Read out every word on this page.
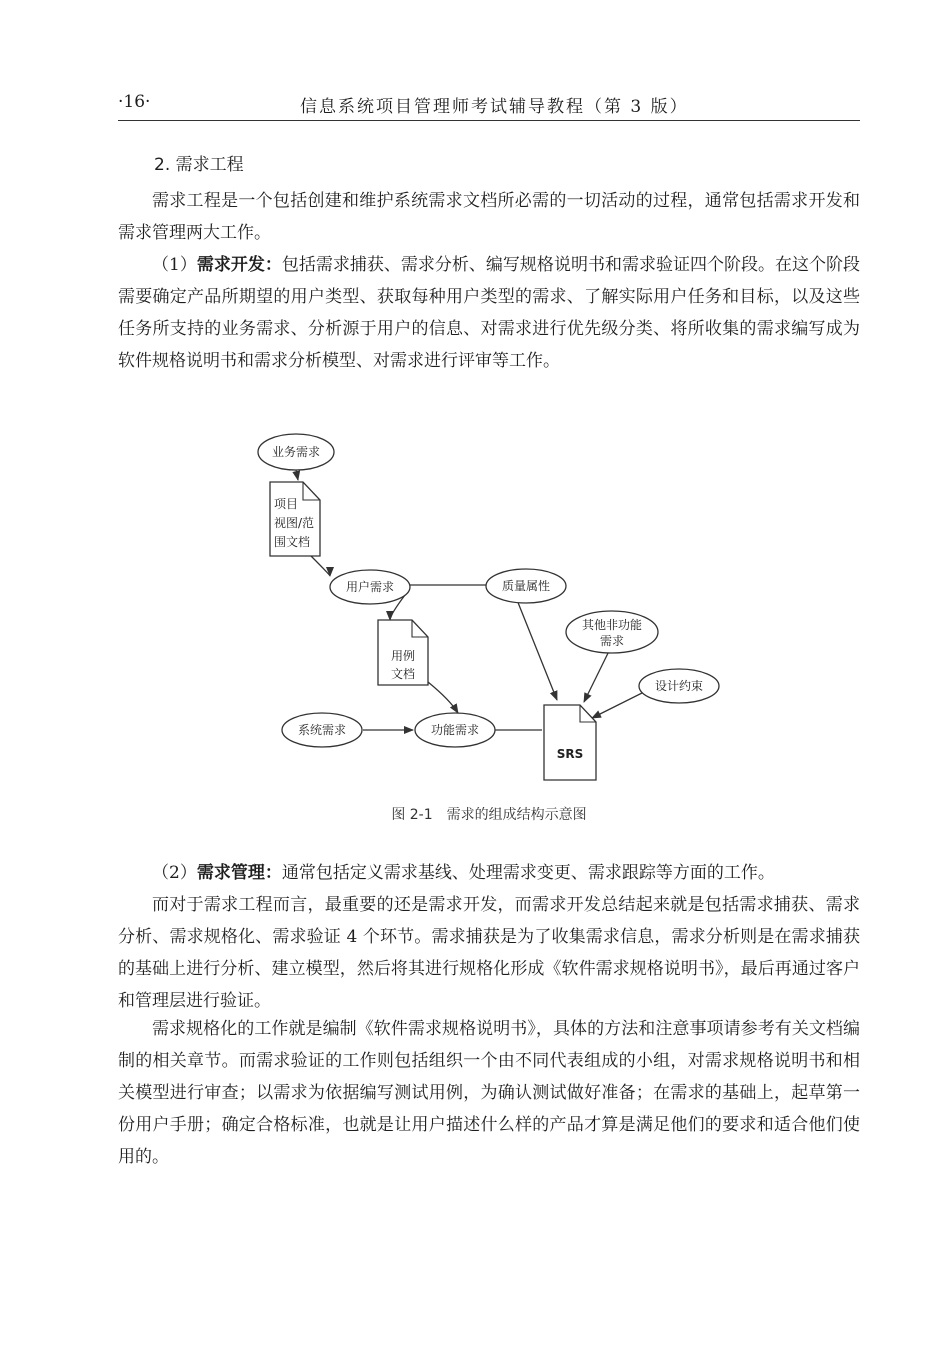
·16·	信息系统项目管理师考试辅导教程（第 3 版）
2. 需求工程

需求工程是一个包括创建和维护系统需求文档所必需的一切活动的过程，通常包括需求开发和需求管理两大工作。

（1）需求开发：包括需求捕获、需求分析、编写规格说明书和需求验证四个阶段。在这个阶段需要确定产品所期望的用户类型、获取每种用户类型的需求、了解实际用户任务和目标，以及这些任务所支持的业务需求、分析源于用户的信息、对需求进行优先级分类、将所收集的需求编写成为软件规格说明书和需求分析模型、对需求进行评审等工作。

业务需求
用户需求	质量属性
其他非功能
需求
设计约束
系统需求	功能需求
项目
视图/范
围文档
用例
文档
SRS
图 2-1　需求的组成结构示意图

（2）需求管理：通常包括定义需求基线、处理需求变更、需求跟踪等方面的工作。

而对于需求工程而言，最重要的还是需求开发，而需求开发总结起来就是包括需求捕获、需求分析、需求规格化、需求验证 4 个环节。需求捕获是为了收集需求信息，需求分析则是在需求捕获的基础上进行分析、建立模型，然后将其进行规格化形成《软件需求规格说明书》，最后再通过客户和管理层进行验证。

需求规格化的工作就是编制《软件需求规格说明书》，具体的方法和注意事项请参考有关文档编制的相关章节。而需求验证的工作则包括组织一个由不同代表组成的小组，对需求规格说明书和相关模型进行审查；以需求为依据编写测试用例，为确认测试做好准备；在需求的基础上，起草第一份用户手册；确定合格标准，也就是让用户描述什么样的产品才算是满足他们的要求和适合他们使用的。
